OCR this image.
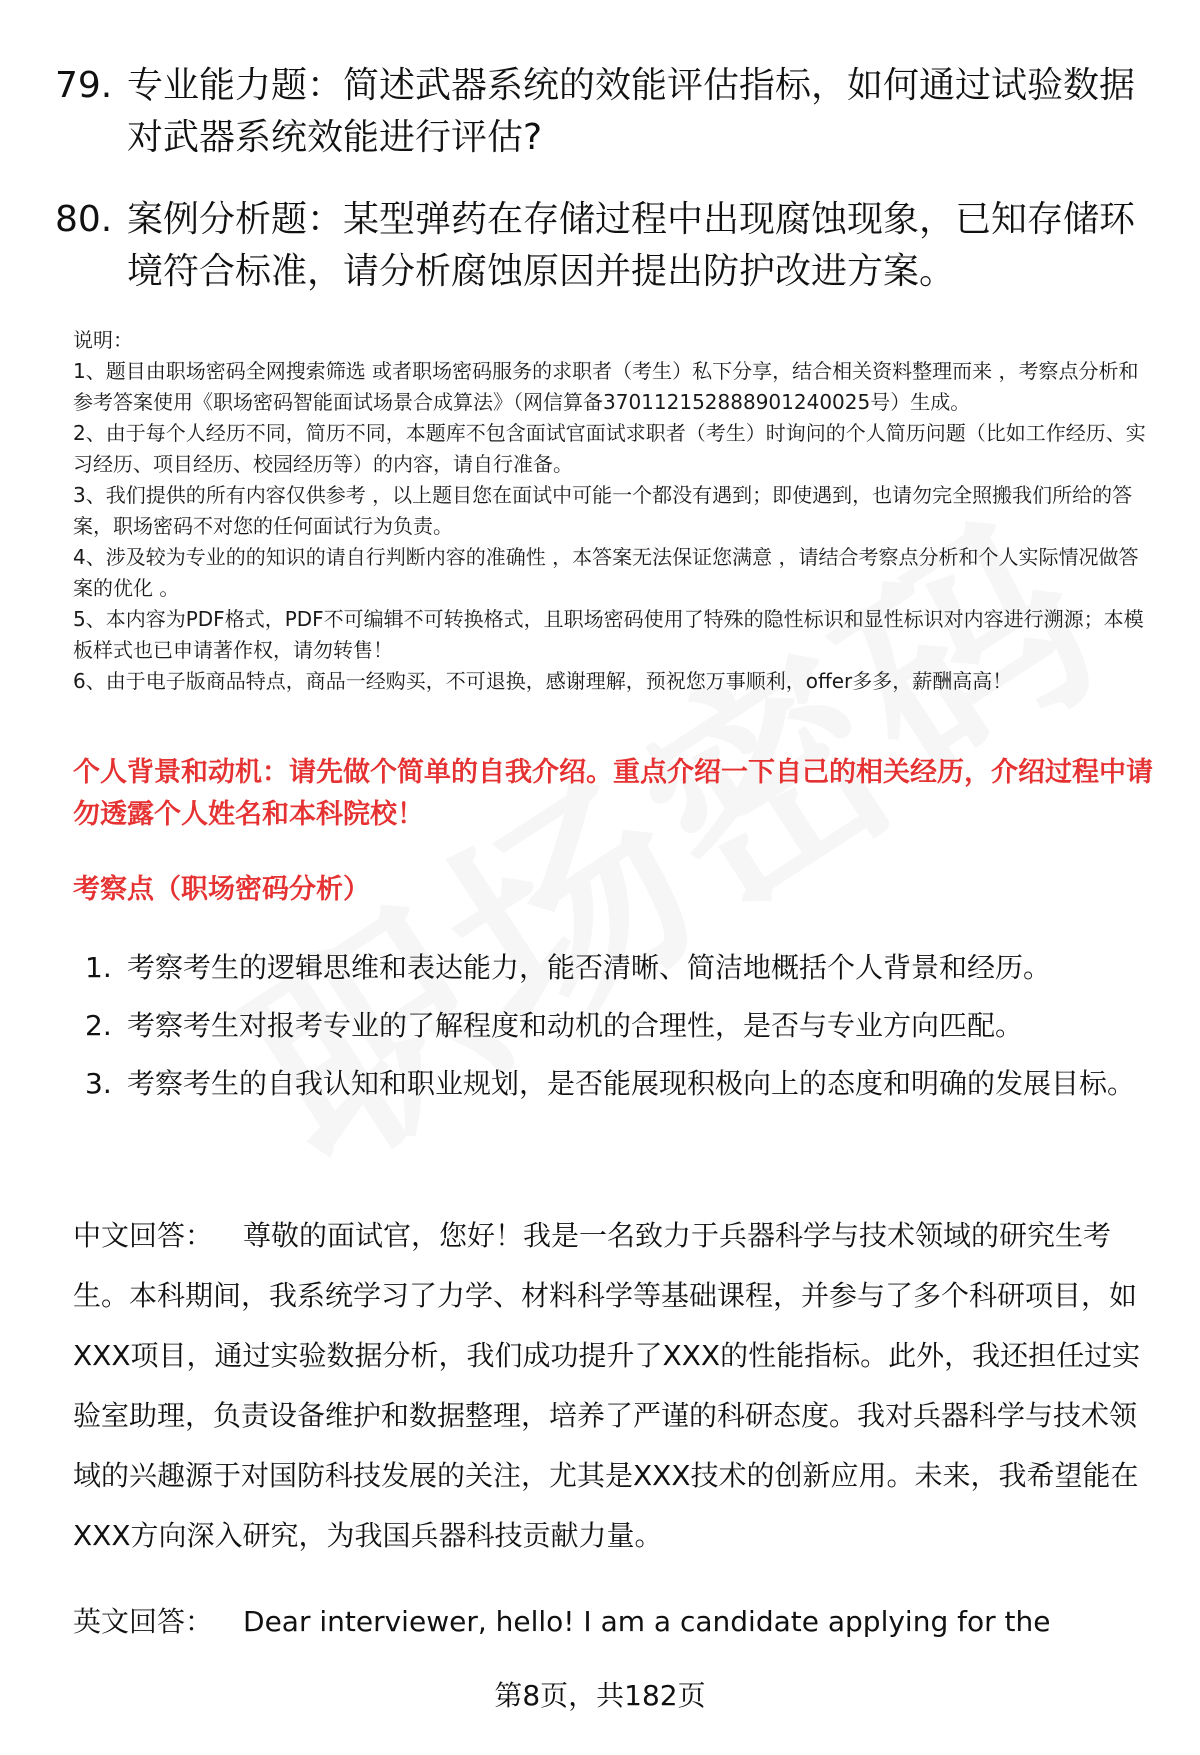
79. 专业能力题：简述武器系统的效能评估指标，如何通过试验数据对武器系统效能进行评估?
80. 案例分析题：某型弹药在存储过程中出现腐蚀现象，已知存储环境符合标准，请分析腐蚀原因并提出防护改进方案。
说明：
1、题目由职场密码全网搜索筛选 或者职场密码服务的求职者（考生）私下分享，结合相关资料整理而来 ，考察点分析和参考答案使用《职场密码智能面试场景合成算法》（网信算备370112152888901240025号）生成。
2、由于每个人经历不同，简历不同，本题库不包含面试官面试求职者（考生）时询问的个人简历问题（比如工作经历、实习经历、项目经历、校园经历等）的内容，请自行准备。
3、我们提供的所有内容仅供参考 ，以上题目您在面试中可能一个都没有遇到；即使遇到，也请勿完全照搬我们所给的答案，职场密码不对您的任何面试行为负责。
4、涉及较为专业的的知识的请自行判断内容的准确性 ，本答案无法保证您满意 ，请结合考察点分析和个人实际情况做答案的优化 。
5、本内容为PDF格式，PDF不可编辑不可转换格式，且职场密码使用了特殊的隐性标识和显性标识对内容进行溯源；本模板样式也已申请著作权，请勿转售！
6、由于电子版商品特点，商品一经购买，不可退换，感谢理解，预祝您万事顺利，offer多多，薪酬高高！
个人背景和动机：请先做个简单的自我介绍。重点介绍一下自己的相关经历，介绍过程中请勿透露个人姓名和本科院校！
考察点（职场密码分析）
1. 考察考生的逻辑思维和表达能力，能否清晰、简洁地概括个人背景和经历。
2. 考察考生对报考专业的了解程度和动机的合理性，是否与专业方向匹配。
3. 考察考生的自我认知和职业规划，是否能展现积极向上的态度和明确的发展目标。
中文回答： 尊敬的面试官，您好！我是一名致力于兵器科学与技术领域的研究生考生。本科期间，我系统学习了力学、材料科学等基础课程，并参与了多个科研项目，如XXX项目，通过实验数据分析，我们成功提升了XXX的性能指标。此外，我还担任过实验室助理，负责设备维护和数据整理，培养了严谨的科研态度。我对兵器科学与技术领域的兴趣源于对国防科技发展的关注，尤其是XXX技术的创新应用。未来，我希望能在XXX方向深入研究，为我国兵器科技贡献力量。
英文回答： Dear interviewer, hello! I am a candidate applying for the
第8页，共182页
